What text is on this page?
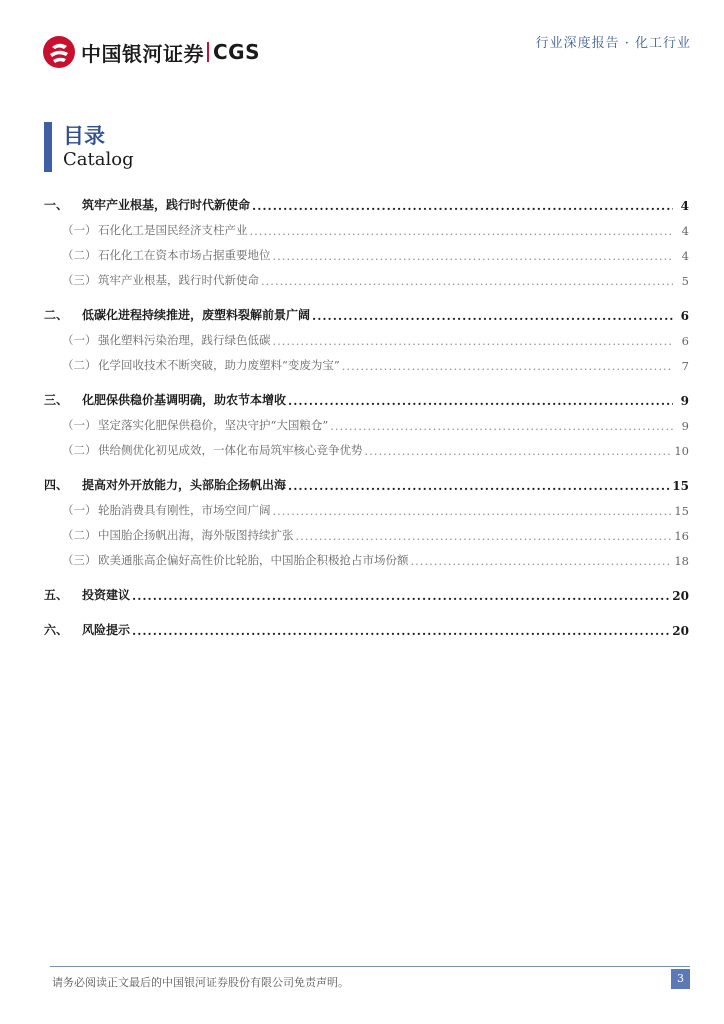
中国银河证券 CGS	行业深度报告 · 化工行业
目录
Catalog
一、	筑牢产业根基，践行时代新使命 .....	4
（一） 石化化工是国民经济支柱产业 .....	4
（二） 石化化工在资本市场占据重要地位 .....	4
（三） 筑牢产业根基，践行时代新使命 .....	5
二、	低碳化进程持续推进，废塑料裂解前景广阔 .....	6
（一） 强化塑料污染治理，践行绿色低碳 .....	6
（二） 化学回收技术不断突破，助力废塑料“变废为宝” .....	7
三、	化肥保供稳价基调明确，助农节本增收 .....	9
（一） 坚定落实化肥保供稳价，坚决守护“大国粮仓” .....	9
（二） 供给侧优化初见成效，一体化布局筑牢核心竞争优势 .....	10
四、	提高对外开放能力，头部胎企扬帆出海 .....	15
（一） 轮胎消费具有刚性，市场空间广阔 .....	15
（二） 中国胎企扬帆出海，海外版图持续扩张 .....	16
（三） 欧美通胀高企偏好高性价比轮胎，中国胎企积极抢占市场份额 .....	18
五、	投资建议 .....	20
六、	风险提示 .....	20
请务必阅读正文最后的中国银河证券股份有限公司免责声明。	3
